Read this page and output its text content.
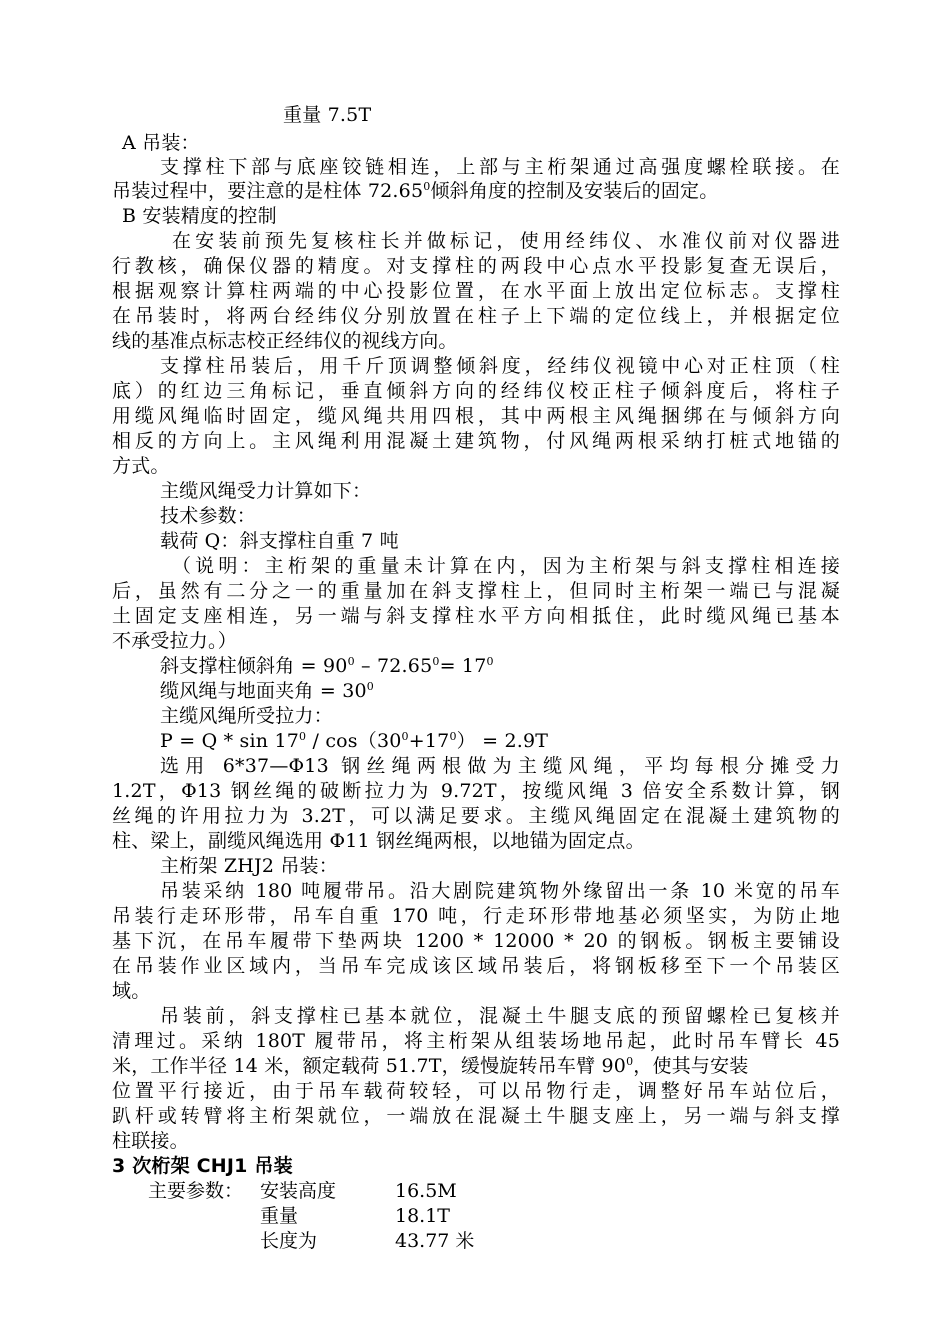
重量 7.5T
A 吊装：
支撑柱下部与底座铰链相连，上部与主桁架通过高强度螺栓联接。在
吊装过程中，要注意的是柱体 72.65$^0$倾斜角度的控制及安装后的固定。
B 安装精度的控制
在安装前预先复核柱长并做标记，使用经纬仪、水准仪前对仪器进
行教核，确保仪器的精度。对支撑柱的两段中心点水平投影复查无误后，
根据观察计算柱两端的中心投影位置，在水平面上放出定位标志。支撑柱
在吊装时，将两台经纬仪分别放置在柱子上下端的定位线上，并根据定位
线的基准点标志校正经纬仪的视线方向。
支撑柱吊装后，用千斤顶调整倾斜度，经纬仪视镜中心对正柱顶（柱
底）的红边三角标记，垂直倾斜方向的经纬仪校正柱子倾斜度后，将柱子
用缆风绳临时固定，缆风绳共用四根，其中两根主风绳捆绑在与倾斜方向
相反的方向上。主风绳利用混凝土建筑物，付风绳两根采纳打桩式地锚的
方式。
主缆风绳受力计算如下：
技术参数：
载荷 Q：斜支撑柱自重 7 吨
（说明：主桁架的重量未计算在内，因为主桁架与斜支撑柱相连接
后，虽然有二分之一的重量加在斜支撑柱上，但同时主桁架一端已与混凝
土固定支座相连，另一端与斜支撑柱水平方向相抵住，此时缆风绳已基本
不承受拉力。）
斜支撑柱倾斜角 = $90^0 - 72.65^0= 17^0$
缆风绳与地面夹角 = $30^0$
主缆风绳所受拉力：
$P = Q * \sin 17^0 / \cos(30^0+17^0) = 2.9T$
选用 6*37—Φ13 钢丝绳两根做为主缆风绳，平均每根分摊受力
1.2T，Φ13 钢丝绳的破断拉力为 9.72T，按缆风绳 3 倍安全系数计算，钢
丝绳的许用拉力为 3.2T，可以满足要求。主缆风绳固定在混凝土建筑物的
柱、梁上，副缆风绳选用 Φ11 钢丝绳两根，以地锚为固定点。
主桁架 ZHJ2 吊装：
吊装采纳 180 吨履带吊。沿大剧院建筑物外缘留出一条 10 米宽的吊车
吊装行走环形带，吊车自重 170 吨，行走环形带地基必须坚实，为防止地
基下沉，在吊车履带下垫两块 1200 * 12000 * 20 的钢板。钢板主要铺设
在吊装作业区域内，当吊车完成该区域吊装后，将钢板移至下一个吊装区
域。
吊装前，斜支撑柱已基本就位，混凝土牛腿支底的预留螺栓已复核并
清理过。采纳 180T 履带吊，将主桁架从组装场地吊起，此时吊车臂长 45
米，工作半径 14 米，额定载荷 51.7T，缓慢旋转吊车臂 $90^0$，使其与安装
位置平行接近，由于吊车载荷较轻，可以吊物行走，调整好吊车站位后，
趴杆或转臂将主桁架就位，一端放在混凝土牛腿支座上，另一端与斜支撑
柱联接。
3 次桁架 CHJ1 吊装
主要参数： 安装高度	16.5M
重量	18.1T
长度为	43.77 米
